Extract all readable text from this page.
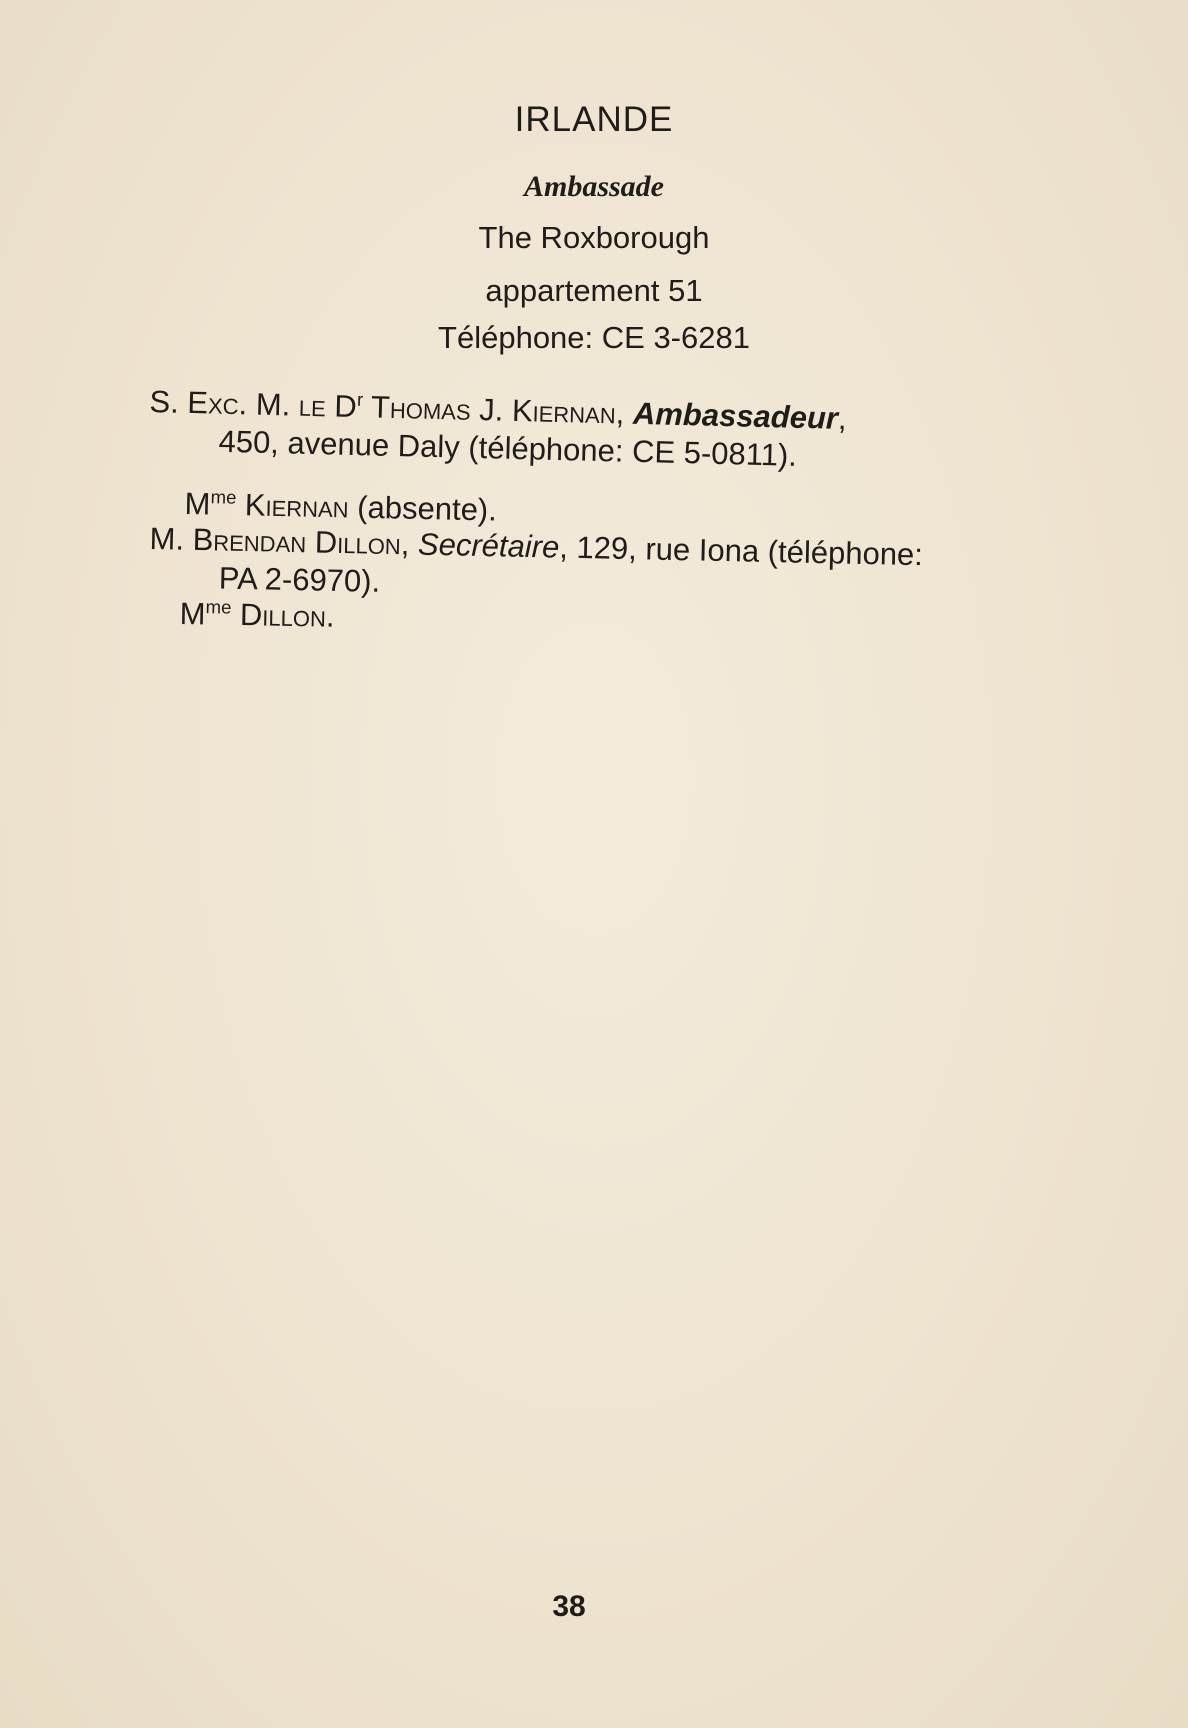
IRLANDE
Ambassade
The Roxborough
appartement 51
Téléphone: CE 3-6281
S. Exc. M. le $D^r$ Thomas J. Kiernan, Ambassadeur,
450, avenue Daly (téléphone: CE 5-0811).
$M^{me}$ Kiernan (absente).
M. Brendan Dillon, Secrétaire, 129, rue Iona (téléphone:
PA 2-6970).
$M^{me}$ Dillon.
38
